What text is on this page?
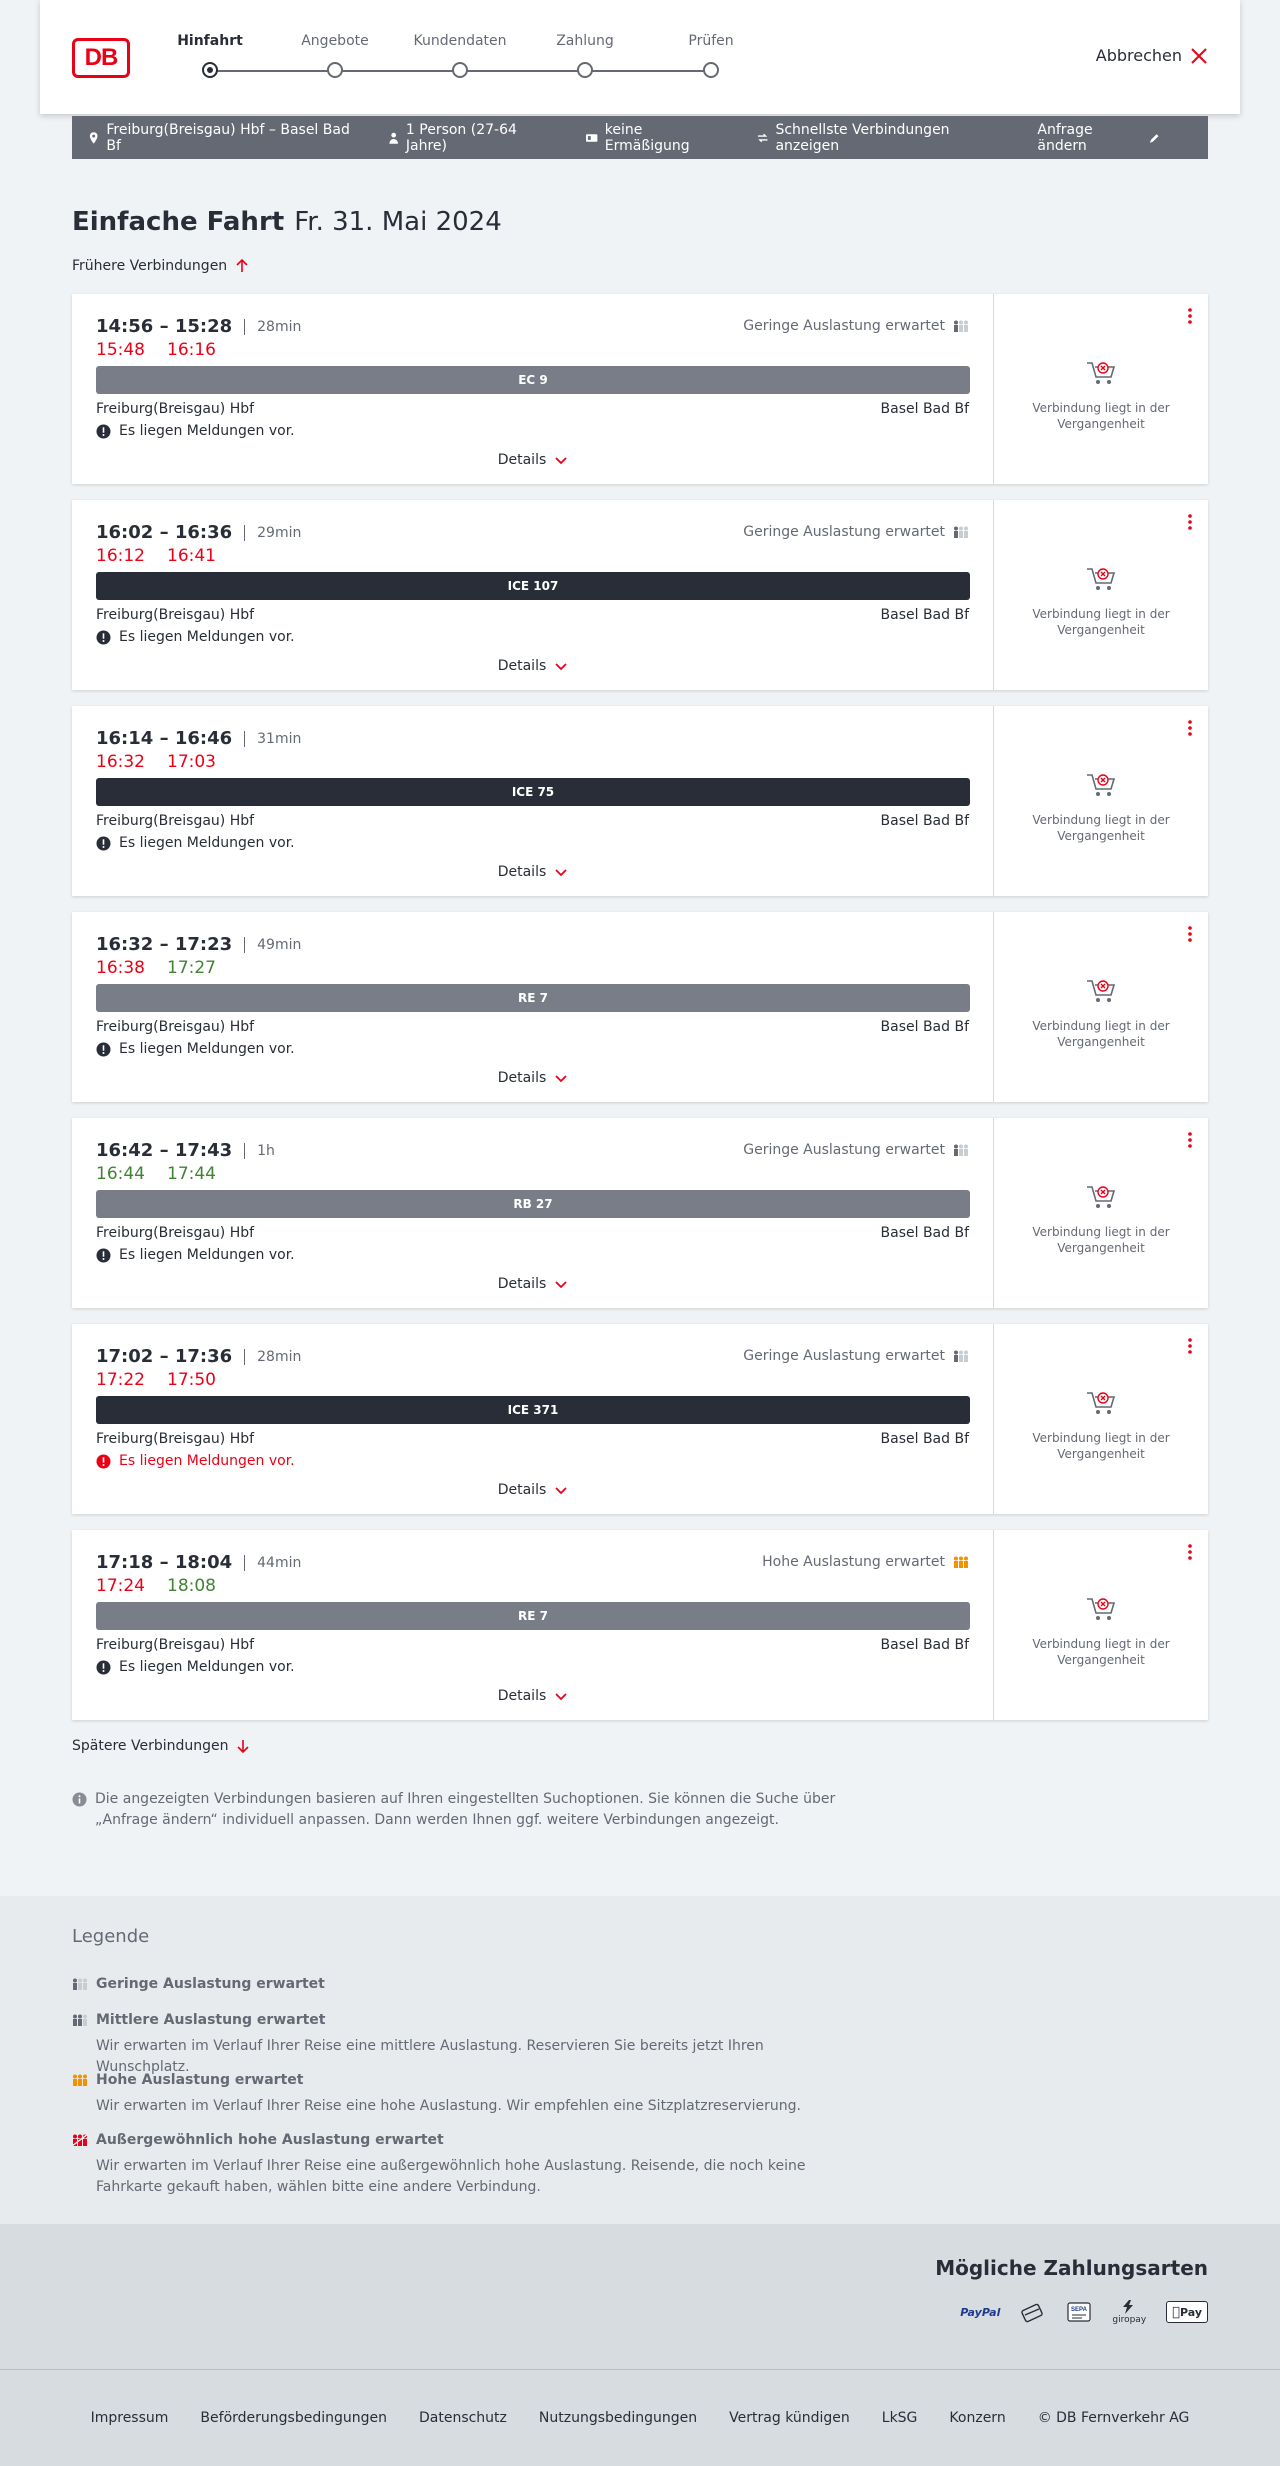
DB
Hinfahrt	Angebote	Kundendaten	Zahlung	Prüfen
Abbrechen
Freiburg(Breisgau) Hbf – Basel Bad Bf
1 Person (27-64 Jahre)
keine Ermäßigung
Schnellste Verbindungen anzeigen
Anfrage ändern
Einfache Fahrt Fr. 31. Mai 2024
Frühere Verbindungen
14:56 – 15:28 28min
15:48 16:16
Geringe Auslastung erwartet
EC 9
Freiburg(Breisgau) Hbf	Basel Bad Bf
Es liegen Meldungen vor.
Details
Verbindung liegt in der Vergangenheit
16:02 – 16:36 29min
16:12 16:41
Geringe Auslastung erwartet
ICE 107
Freiburg(Breisgau) Hbf	Basel Bad Bf
Es liegen Meldungen vor.
Details
Verbindung liegt in der Vergangenheit
16:14 – 16:46 31min
16:32 17:03
ICE 75
Freiburg(Breisgau) Hbf	Basel Bad Bf
Es liegen Meldungen vor.
Details
Verbindung liegt in der Vergangenheit
16:32 – 17:23 49min
16:38 17:27
RE 7
Freiburg(Breisgau) Hbf	Basel Bad Bf
Es liegen Meldungen vor.
Details
Verbindung liegt in der Vergangenheit
16:42 – 17:43 1h
16:44 17:44
Geringe Auslastung erwartet
RB 27
Freiburg(Breisgau) Hbf	Basel Bad Bf
Es liegen Meldungen vor.
Details
Verbindung liegt in der Vergangenheit
17:02 – 17:36 28min
17:22 17:50
Geringe Auslastung erwartet
ICE 371
Freiburg(Breisgau) Hbf	Basel Bad Bf
Es liegen Meldungen vor.
Details
Verbindung liegt in der Vergangenheit
17:18 – 18:04 44min
17:24 18:08
Hohe Auslastung erwartet
RE 7
Freiburg(Breisgau) Hbf	Basel Bad Bf
Es liegen Meldungen vor.
Details
Verbindung liegt in der Vergangenheit
Spätere Verbindungen
Die angezeigten Verbindungen basieren auf Ihren eingestellten Suchoptionen. Sie können die Suche über „Anfrage ändern“ individuell anpassen. Dann werden Ihnen ggf. weitere Verbindungen angezeigt.
Legende
Geringe Auslastung erwartet
Mittlere Auslastung erwartet
Wir erwarten im Verlauf Ihrer Reise eine mittlere Auslastung. Reservieren Sie bereits jetzt Ihren Wunschplatz.
Hohe Auslastung erwartet
Wir erwarten im Verlauf Ihrer Reise eine hohe Auslastung. Wir empfehlen eine Sitzplatzreservierung.
Außergewöhnlich hohe Auslastung erwartet
Wir erwarten im Verlauf Ihrer Reise eine außergewöhnlich hohe Auslastung. Reisende, die noch keine Fahrkarte gekauft haben, wählen bitte eine andere Verbindung.
Mögliche Zahlungsarten
PayPal	SEPA
giropay
Pay
Impressum Beförderungsbedingungen Datenschutz Nutzungsbedingungen Vertrag kündigen LkSG Konzern © DB Fernverkehr AG
